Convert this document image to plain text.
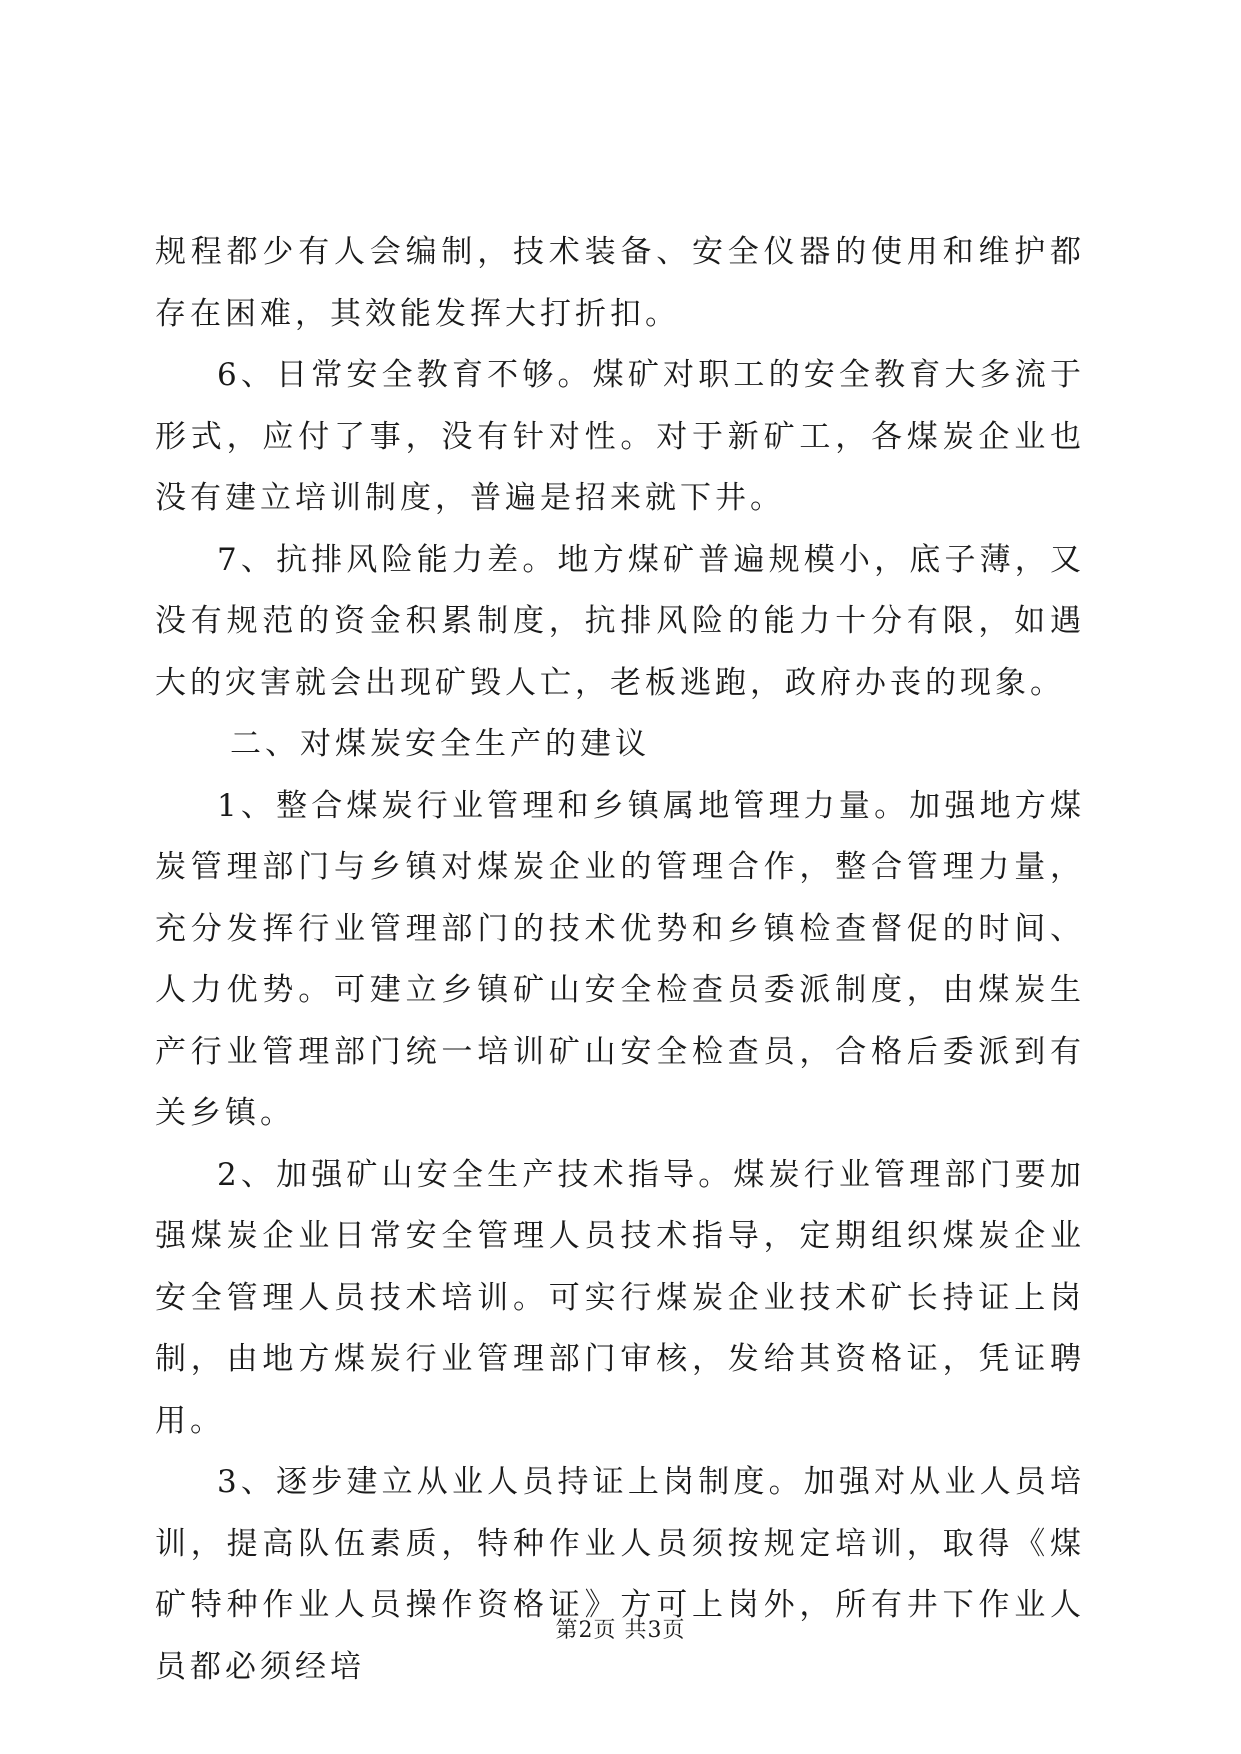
规程都少有人会编制，技术装备、安全仪器的使用和维护都存在困难，其效能发挥大打折扣。

6、日常安全教育不够。煤矿对职工的安全教育大多流于形式，应付了事，没有针对性。对于新矿工，各煤炭企业也没有建立培训制度，普遍是招来就下井。

7、抗排风险能力差。地方煤矿普遍规模小，底子薄，又没有规范的资金积累制度，抗排风险的能力十分有限，如遇大的灾害就会出现矿毁人亡，老板逃跑，政府办丧的现象。

二、对煤炭安全生产的建议

1、整合煤炭行业管理和乡镇属地管理力量。加强地方煤炭管理部门与乡镇对煤炭企业的管理合作，整合管理力量，充分发挥行业管理部门的技术优势和乡镇检查督促的时间、人力优势。可建立乡镇矿山安全检查员委派制度，由煤炭生产行业管理部门统一培训矿山安全检查员，合格后委派到有关乡镇。

2、加强矿山安全生产技术指导。煤炭行业管理部门要加强煤炭企业日常安全管理人员技术指导，定期组织煤炭企业安全管理人员技术培训。可实行煤炭企业技术矿长持证上岗制，由地方煤炭行业管理部门审核，发给其资格证，凭证聘用。

3、逐步建立从业人员持证上岗制度。加强对从业人员培训，提高队伍素质，特种作业人员须按规定培训，取得《煤矿特种作业人员操作资格证》方可上岗外，所有井下作业人员都必须经培

第2页 共3页
